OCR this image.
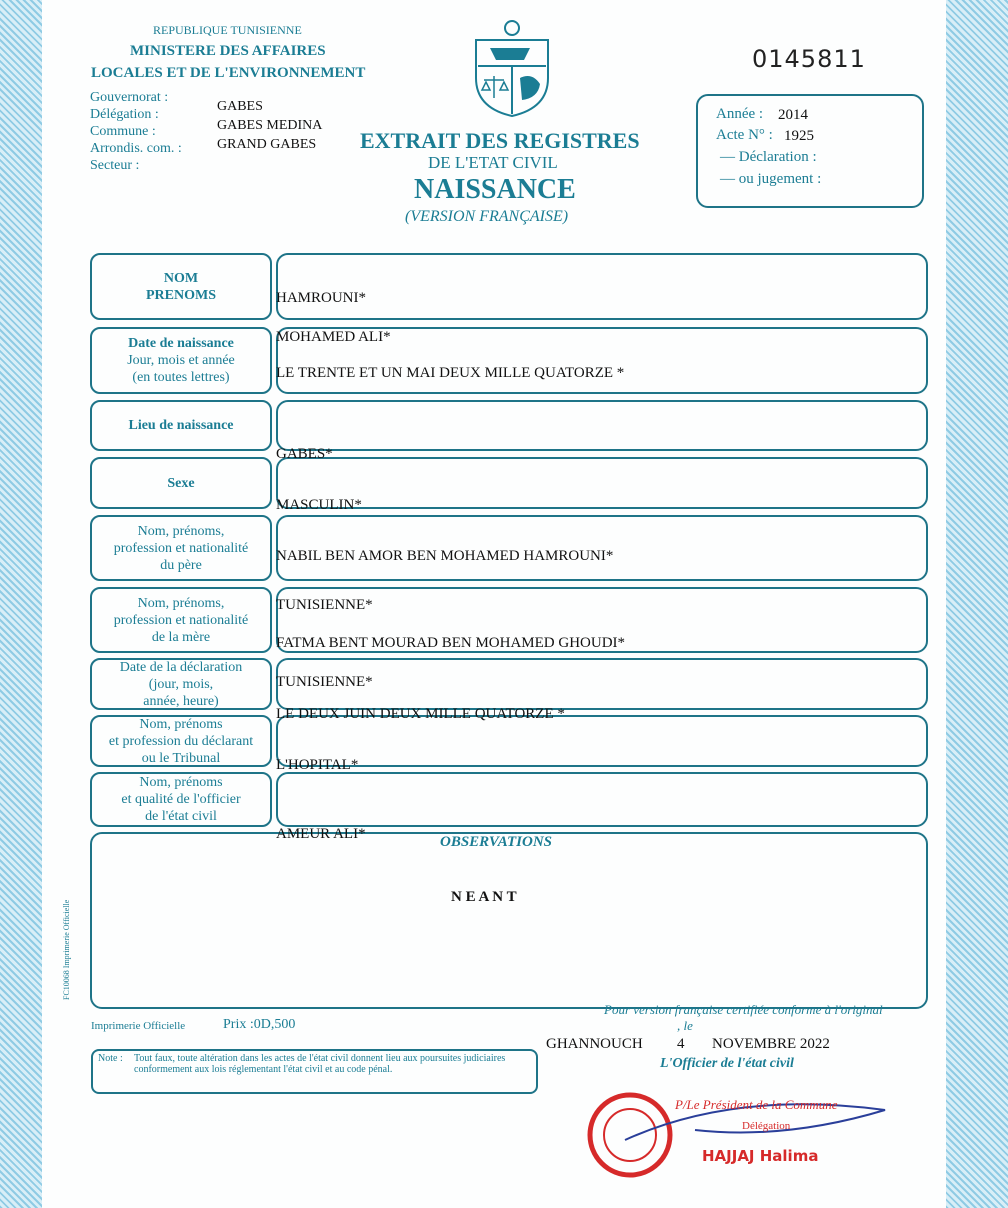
REPUBLIQUE TUNISIENNE
MINISTERE DES AFFAIRES
LOCALES ET DE L'ENVIRONNEMENT
Gouvernorat :
Délégation :
Commune :
Arrondis. com. :
Secteur :
GABES
GABES MEDINA
GRAND GABES
0145811
EXTRAIT DES REGISTRES
DE L'ETAT CIVIL
NAISSANCE
(VERSION FRANÇAISE)
Année : 2014
Acte N° : 1925
— Déclaration :
— ou jugement :
NOM
PRENOMS
Date de naissance
Jour, mois et année
(en toutes lettres)
Lieu de naissance
Sexe
Nom, prénoms,
profession et nationalité
du père
Nom, prénoms,
profession et nationalité
de la mère
Date de la déclaration
(jour, mois,
année, heure)
Nom, prénoms
et profession du déclarant
ou le Tribunal
Nom, prénoms
et qualité de l'officier
de l'état civil
OBSERVATIONS
N E A N T
HAMROUNI*
MOHAMED ALI*
LE TRENTE ET UN MAI DEUX MILLE QUATORZE *
GABES*
MASCULIN*
NABIL BEN AMOR BEN MOHAMED HAMROUNI*
TUNISIENNE*
FATMA BENT MOURAD BEN MOHAMED GHOUDI*
TUNISIENNE*
LE DEUX JUIN DEUX MILLE QUATORZE *
L'HOPITAL*
AMEUR ALI*
FC10068 Imprimerie Officielle
Imprimerie Officielle	Prix :0D,500
Pour version française certifiée conforme à l'original
, le
GHANNOUCH 4 NOVEMBRE 2022
L'Officier de l'état civil
Note : Tout faux, toute altération dans les actes de l'état civil donnent lieu aux poursuites judiciaires conformement aux lois réglementant l'état civil et au code pénal.
P/Le Président de la Commune
Délégation
HAJJAJ Halima
